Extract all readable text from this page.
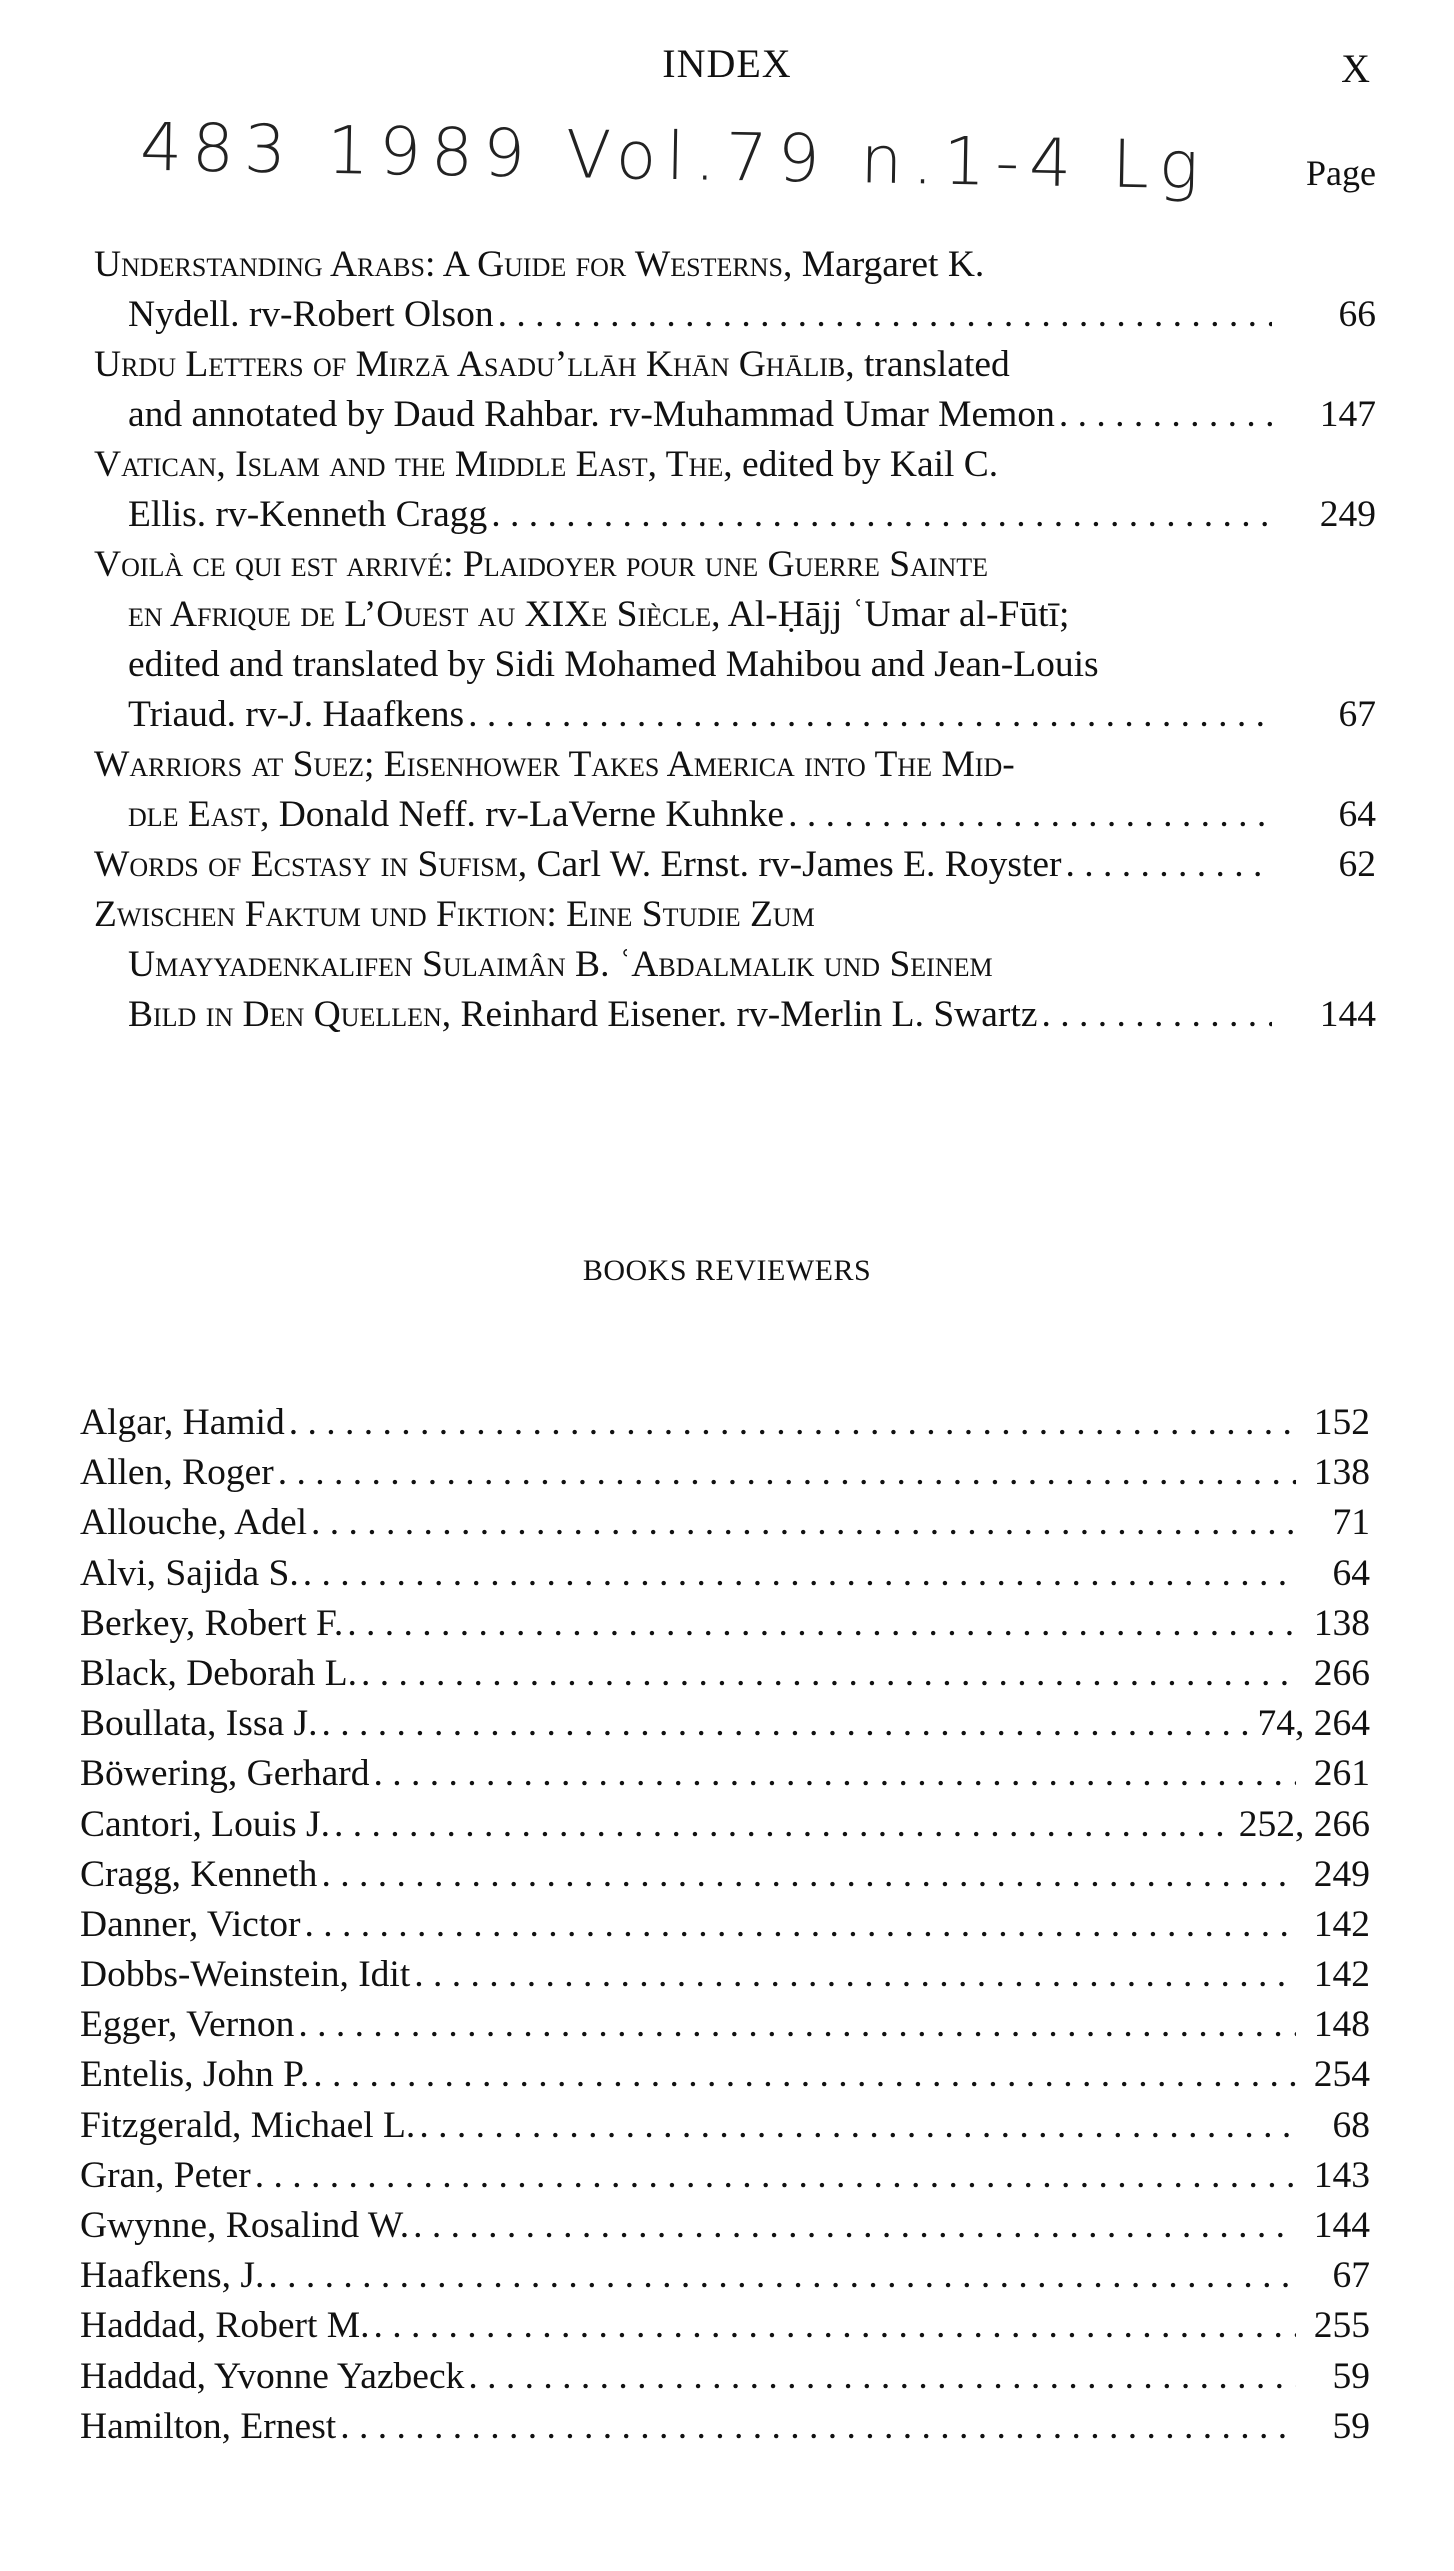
INDEX	X
483 1989 Vol.79 n.1-4 Lg	Page
Understanding Arabs: A Guide for Westerns, Margaret K.
Nydell. rv-Robert Olson . . .	66
Urdu Letters of Mirzā Asadu’llāh Khān Ghālib, translated
and annotated by Daud Rahbar. rv-Muhammad Umar Memon . . .	147
Vatican, Islam and the Middle East, The, edited by Kail C.
Ellis. rv-Kenneth Cragg . . .	249
Voilà ce qui est arrivé: Plaidoyer pour une Guerre Sainte
en Afrique de L’Ouest au XIXe Siècle, Al-Ḥājj ʿUmar al-Fūtī;
edited and translated by Sidi Mohamed Mahibou and Jean-Louis
Triaud. rv-J. Haafkens . . .	67
Warriors at Suez; Eisenhower Takes America into The Mid-
dle East, Donald Neff. rv-LaVerne Kuhnke . . .	64
Words of Ecstasy in Sufism, Carl W. Ernst. rv-James E. Royster . . .	62
Zwischen Faktum und Fiktion: Eine Studie Zum
Umayyadenkalifen Sulaimân B. ʿAbdalmalik und Seinem
Bild in Den Quellen, Reinhard Eisener. rv-Merlin L. Swartz . . .	144
BOOKS REVIEWERS
Algar, Hamid . . .	152
Allen, Roger . . .	138
Allouche, Adel . . .	71
Alvi, Sajida S. . . .	64
Berkey, Robert F. . . .	138
Black, Deborah L. . . .	266
Boullata, Issa J. . . .	74, 264
Böwering, Gerhard . . .	261
Cantori, Louis J. . . .	252, 266
Cragg, Kenneth . . .	249
Danner, Victor . . .	142
Dobbs-Weinstein, Idit . . .	142
Egger, Vernon . . .	148
Entelis, John P. . . .	254
Fitzgerald, Michael L. . . .	68
Gran, Peter . . .	143
Gwynne, Rosalind W. . . .	144
Haafkens, J. . . .	67
Haddad, Robert M. . . .	255
Haddad, Yvonne Yazbeck . . .	59
Hamilton, Ernest . . .	59
